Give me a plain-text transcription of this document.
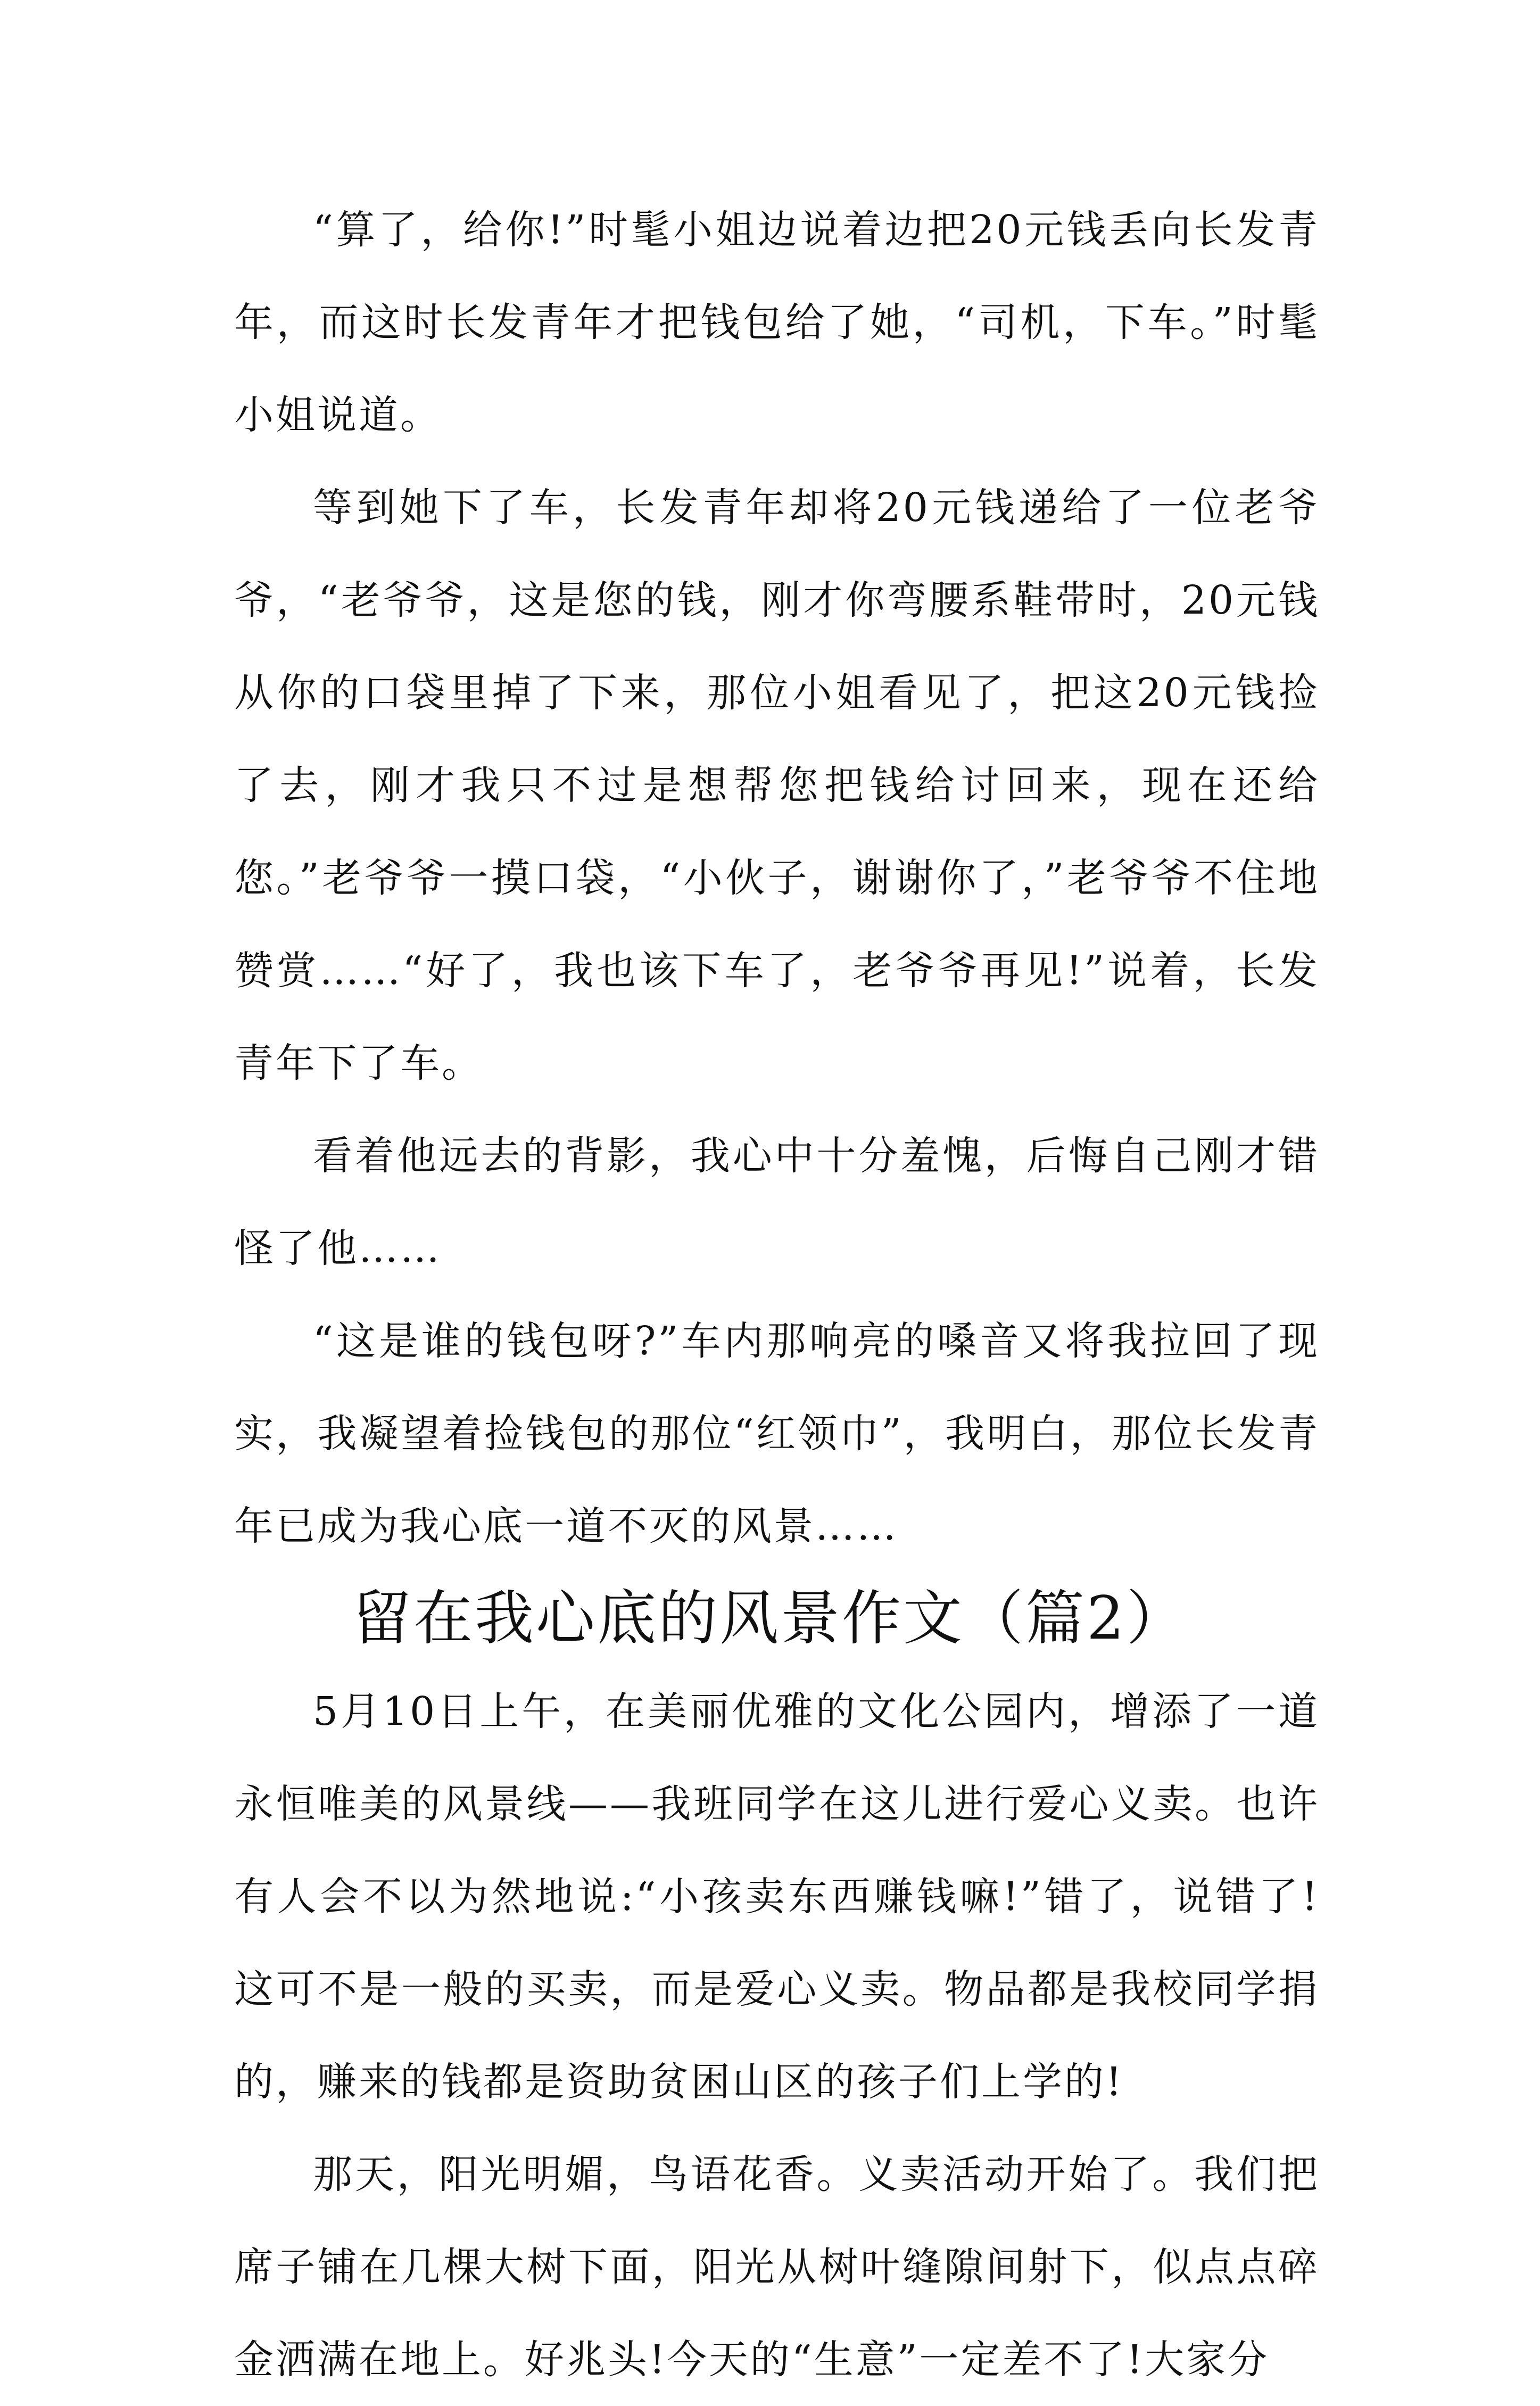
“算了，给你!”时髦小姐边说着边把20元钱丢向长发青年，而这时长发青年才把钱包给了她，“司机，下车。”时髦小姐说道。

等到她下了车，长发青年却将20元钱递给了一位老爷爷，“老爷爷，这是您的钱，刚才你弯腰系鞋带时，20元钱从你的口袋里掉了下来，那位小姐看见了，把这20元钱捡了去，刚才我只不过是想帮您把钱给讨回来，现在还给您。”老爷爷一摸口袋，“小伙子，谢谢你了，”老爷爷不住地赞赏……“好了，我也该下车了，老爷爷再见!”说着，长发青年下了车。

看着他远去的背影，我心中十分羞愧，后悔自己刚才错怪了他……

“这是谁的钱包呀?”车内那响亮的嗓音又将我拉回了现实，我凝望着捡钱包的那位“红领巾”，我明白，那位长发青年已成为我心底一道不灭的风景……

留在我心底的风景作文（篇2）

5月10日上午，在美丽优雅的文化公园内，增添了一道永恒唯美的风景线——我班同学在这儿进行爱心义卖。也许有人会不以为然地说:“小孩卖东西赚钱嘛!”错了，说错了!这可不是一般的买卖，而是爱心义卖。物品都是我校同学捐的，赚来的钱都是资助贫困山区的孩子们上学的!

那天，阳光明媚，鸟语花香。义卖活动开始了。我们把席子铺在几棵大树下面，阳光从树叶缝隙间射下，似点点碎金洒满在地上。好兆头!今天的“生意”一定差不了!大家分
